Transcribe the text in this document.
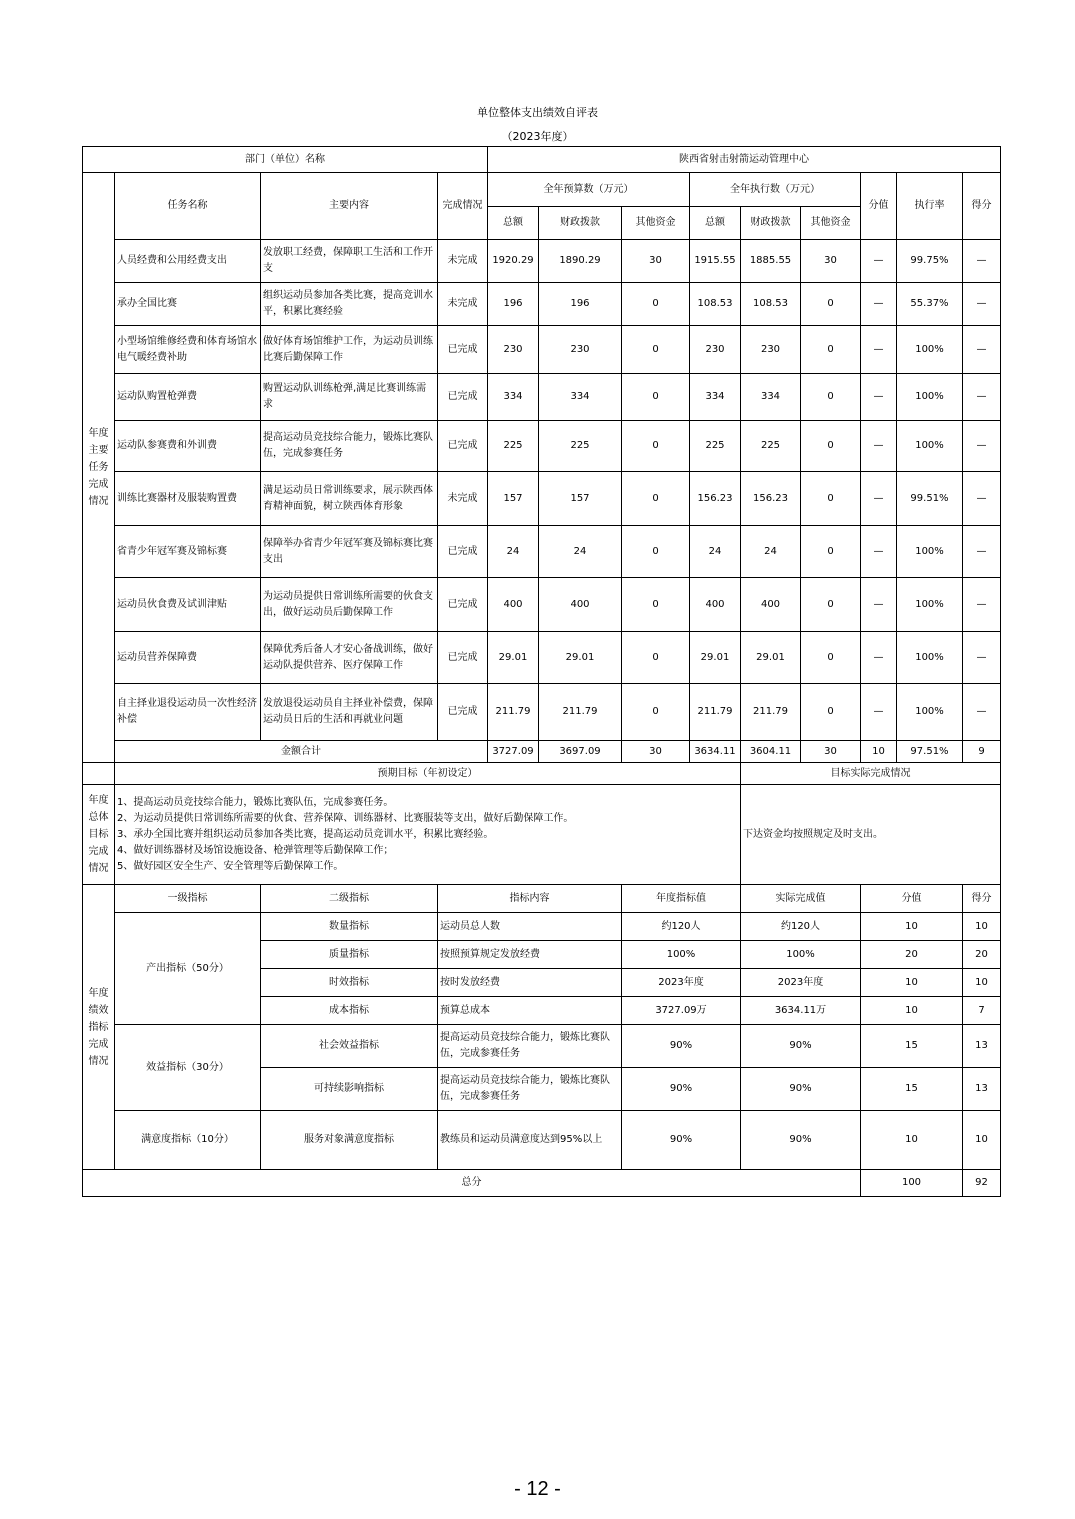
单位整体支出绩效自评表
（2023年度）
部门（单位）名称				陕西省射击射箭运动管理中心								
年度主要任务完成情况	任务名称	主要内容	完成情况	全年预算数（万元）			全年执行数（万元）			分值	执行率	得分
				总额	财政拨款	其他资金	总额	财政拨款	其他资金			
	人员经费和公用经费支出	发放职工经费，保障职工生活和工作开支	未完成	1920.29	1890.29	30	1915.55	1885.55	30	—	99.75%	—
	承办全国比赛	组织运动员参加各类比赛，提高竞训水平，积累比赛经验	未完成	196	196	0	108.53	108.53	0	—	55.37%	—
	小型场馆维修经费和体育场馆水电气暖经费补助	做好体育场馆维护工作，为运动员训练比赛后勤保障工作	已完成	230	230	0	230	230	0	—	100%	—
	运动队购置枪弹费	购置运动队训练枪弹,满足比赛训练需求	已完成	334	334	0	334	334	0	—	100%	—
	运动队参赛费和外训费	提高运动员竞技综合能力，锻炼比赛队伍，完成参赛任务	已完成	225	225	0	225	225	0	—	100%	—
	训练比赛器材及服装购置费	满足运动员日常训练要求，展示陕西体育精神面貌，树立陕西体育形象	未完成	157	157	0	156.23	156.23	0	—	99.51%	—
	省青少年冠军赛及锦标赛	保障举办省青少年冠军赛及锦标赛比赛支出	已完成	24	24	0	24	24	0	—	100%	—
	运动员伙食费及试训津贴	为运动员提供日常训练所需要的伙食支出，做好运动员后勤保障工作	已完成	400	400	0	400	400	0	—	100%	—
	运动员营养保障费	保障优秀后备人才安心备战训练，做好运动队提供营养、医疗保障工作	已完成	29.01	29.01	0	29.01	29.01	0	—	100%	—
	自主择业退役运动员一次性经济补偿	发放退役运动员自主择业补偿费，保障运动员日后的生活和再就业问题	已完成	211.79	211.79	0	211.79	211.79	0	—	100%	—
	金额合计			3727.09	3697.09	30	3634.11	3604.11	30	10	97.51%	9
	预期目标（年初设定）							目标实际完成情况				
年度总体目标完成情况	1、提高运动员竞技综合能力，锻炼比赛队伍，完成参赛任务。
2、为运动员提供日常训练所需要的伙食、营养保障、训练器材、比赛服装等支出，做好后勤保障工作。
3、承办全国比赛并组织运动员参加各类比赛，提高运动员竞训水平，积累比赛经验。
4、做好训练器材及场馆设施设备、枪弹管理等后勤保障工作；
5、做好园区安全生产、安全管理等后勤保障工作。							下达资金均按照规定及时支出。				
年度绩效指标完成情况	一级指标	二级指标	指标内容			年度指标值		实际完成值		分值		得分
	产出指标（50分）	数量指标	运动员总人数			约120人		约120人		10		10
		质量指标	按照预算规定发放经费			100%		100%		20		20
		时效指标	按时发放经费			2023年度		2023年度		10		10
		成本指标	预算总成本			3727.09万		3634.11万		10		7
	效益指标（30分）	社会效益指标	提高运动员竞技综合能力，锻炼比赛队伍，完成参赛任务			90%		90%		15		13
		可持续影响指标	提高运动员竞技综合能力，锻炼比赛队伍，完成参赛任务			90%		90%		15		13
	满意度指标（10分）	服务对象满意度指标	教练员和运动员满意度达到95%以上			90%		90%		10		10
总分										100		92
- 12 -
